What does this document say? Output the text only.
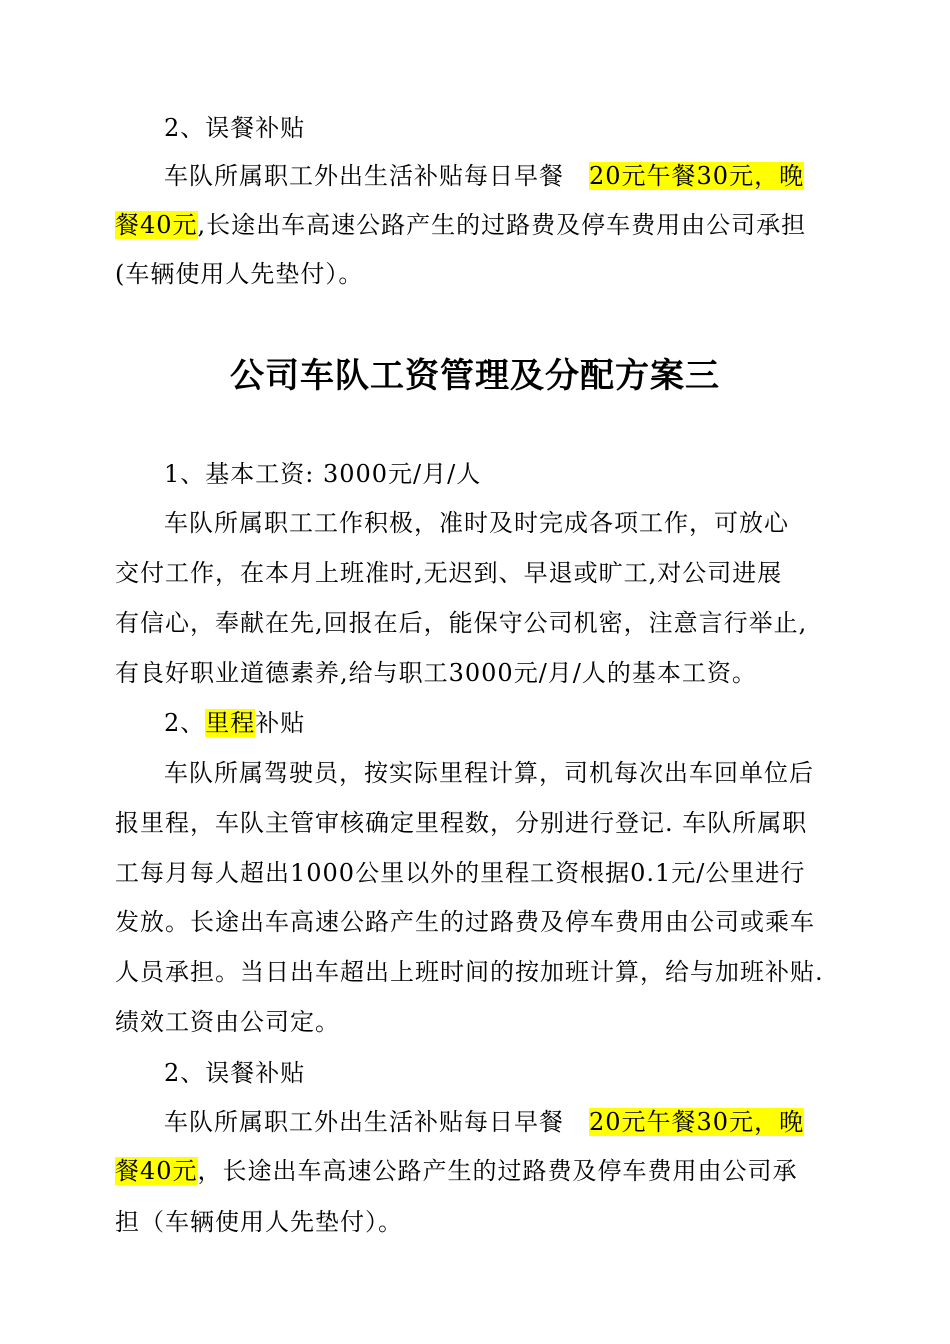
2、误餐补贴
车队所属职工外出生活补贴每日早餐　20元午餐30元，晚
餐40元,长途出车高速公路产生的过路费及停车费用由公司承担
(车辆使用人先垫付）。
公司车队工资管理及分配方案三
1、基本工资: 3000元/月/人
车队所属职工工作积极，准时及时完成各项工作，可放心
交付工作，在本月上班准时,无迟到、早退或旷工,对公司进展
有信心，奉献在先,回报在后，能保守公司机密，注意言行举止,
有良好职业道德素养,给与职工3000元/月/人的基本工资。
2、里程补贴
车队所属驾驶员，按实际里程计算，司机每次出车回单位后
报里程，车队主管审核确定里程数，分别进行登记. 车队所属职
工每月每人超出1000公里以外的里程工资根据0.1元/公里进行
发放。长途出车高速公路产生的过路费及停车费用由公司或乘车
人员承担。当日出车超出上班时间的按加班计算，给与加班补贴.
绩效工资由公司定。
2、误餐补贴
车队所属职工外出生活补贴每日早餐　20元午餐30元，晚
餐40元，长途出车高速公路产生的过路费及停车费用由公司承
担（车辆使用人先垫付）。
